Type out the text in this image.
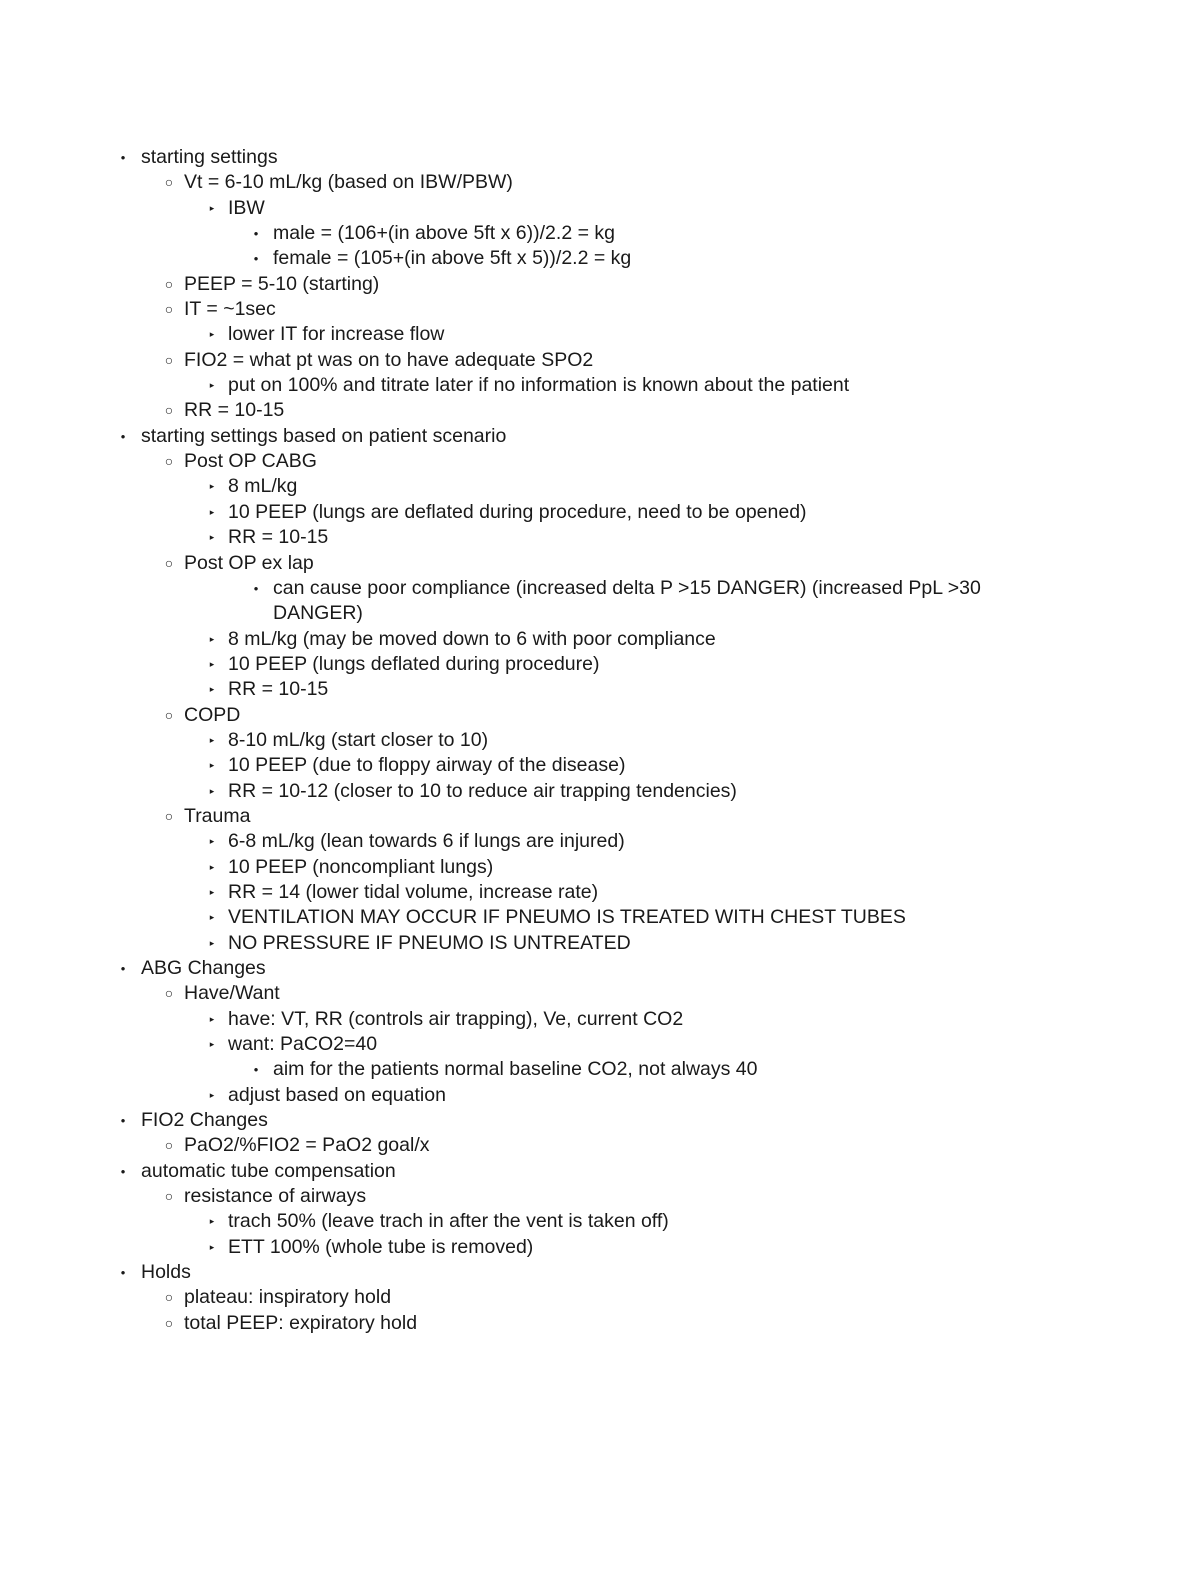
• starting settings
○ Vt = 6-10 mL/kg (based on IBW/PBW)
▸ IBW
• male = (106+(in above 5ft x 6))/2.2 = kg
• female = (105+(in above 5ft x 5))/2.2 = kg
○ PEEP = 5-10 (starting)
○ IT = ~1sec
▸ lower IT for increase flow
○ FIO2 = what pt was on to have adequate SPO2
▸ put on 100% and titrate later if no information is known about the patient
○ RR = 10-15
• starting settings based on patient scenario
○ Post OP CABG
▸ 8 mL/kg
▸ 10 PEEP (lungs are deflated during procedure, need to be opened)
▸ RR = 10-15
○ Post OP ex lap
• can cause poor compliance (increased delta P >15 DANGER) (increased PpL >30 DANGER)
▸ 8 mL/kg (may be moved down to 6 with poor compliance
▸ 10 PEEP (lungs deflated during procedure)
▸ RR = 10-15
○ COPD
▸ 8-10 mL/kg (start closer to 10)
▸ 10 PEEP (due to floppy airway of the disease)
▸ RR = 10-12 (closer to 10 to reduce air trapping tendencies)
○ Trauma
▸ 6-8 mL/kg (lean towards 6 if lungs are injured)
▸ 10 PEEP (noncompliant lungs)
▸ RR = 14 (lower tidal volume, increase rate)
▸ VENTILATION MAY OCCUR IF PNEUMO IS TREATED WITH CHEST TUBES
▸ NO PRESSURE IF PNEUMO IS UNTREATED
• ABG Changes
○ Have/Want
▸ have: VT, RR (controls air trapping), Ve, current CO2
▸ want: PaCO2=40
• aim for the patients normal baseline CO2, not always 40
▸ adjust based on equation
• FIO2 Changes
○ PaO2/%FIO2 = PaO2 goal/x
• automatic tube compensation
○ resistance of airways
▸ trach 50% (leave trach in after the vent is taken off)
▸ ETT 100% (whole tube is removed)
• Holds
○ plateau: inspiratory hold
○ total PEEP: expiratory hold
